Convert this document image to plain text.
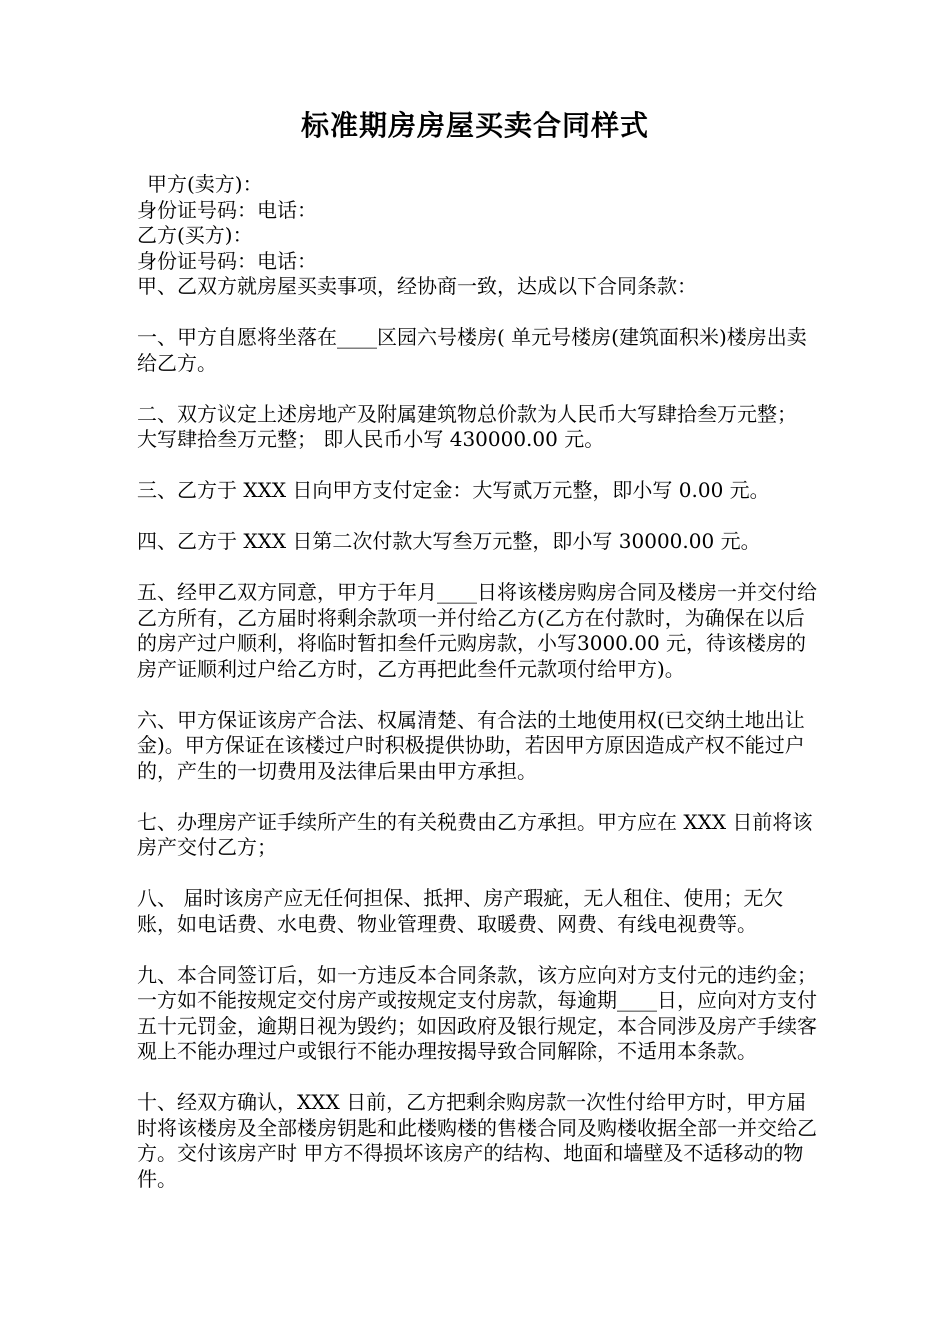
标准期房房屋买卖合同样式
甲方(卖方)：
身份证号码：电话：
乙方(买方)：
身份证号码：电话：
甲、乙双方就房屋买卖事项，经协商一致，达成以下合同条款：
一、甲方自愿将坐落在____区园六号楼房( 单元号楼房(建筑面积米)楼房出卖给乙方。
二、双方议定上述房地产及附属建筑物总价款为人民币大写肆拾叁万元整； 大写肆拾叁万元整； 即人民币小写 430000.00 元。
三、乙方于 XXX 日向甲方支付定金：大写贰万元整，即小写 0.00 元。
四、乙方于 XXX 日第二次付款大写叁万元整，即小写 30000.00 元。
五、经甲乙双方同意，甲方于年月____日将该楼房购房合同及楼房一并交付给乙方所有，乙方届时将剩余款项一并付给乙方(乙方在付款时，为确保在以后的房产过户顺利，将临时暂扣叁仟元购房款，小写3000.00 元，待该楼房的房产证顺利过户给乙方时，乙方再把此叁仟元款项付给甲方)。
六、甲方保证该房产合法、权属清楚、有合法的土地使用权(已交纳土地出让金)。甲方保证在该楼过户时积极提供协助，若因甲方原因造成产权不能过户的，产生的一切费用及法律后果由甲方承担。
七、办理房产证手续所产生的有关税费由乙方承担。甲方应在 XXX 日前将该房产交付乙方；
八、 届时该房产应无任何担保、抵押、房产瑕疵，无人租住、使用；无欠账，如电话费、水电费、物业管理费、取暖费、网费、有线电视费等。
九、本合同签订后，如一方违反本合同条款，该方应向对方支付元的违约金；一方如不能按规定交付房产或按规定支付房款，每逾期____日，应向对方支付五十元罚金，逾期日视为毁约；如因政府及银行规定，本合同涉及房产手续客观上不能办理过户或银行不能办理按揭导致合同解除，不适用本条款。
十、经双方确认，XXX 日前，乙方把剩余购房款一次性付给甲方时，甲方届时将该楼房及全部楼房钥匙和此楼购楼的售楼合同及购楼收据全部一并交给乙方。交付该房产时 甲方不得损坏该房产的结构、地面和墙壁及不适移动的物件。
